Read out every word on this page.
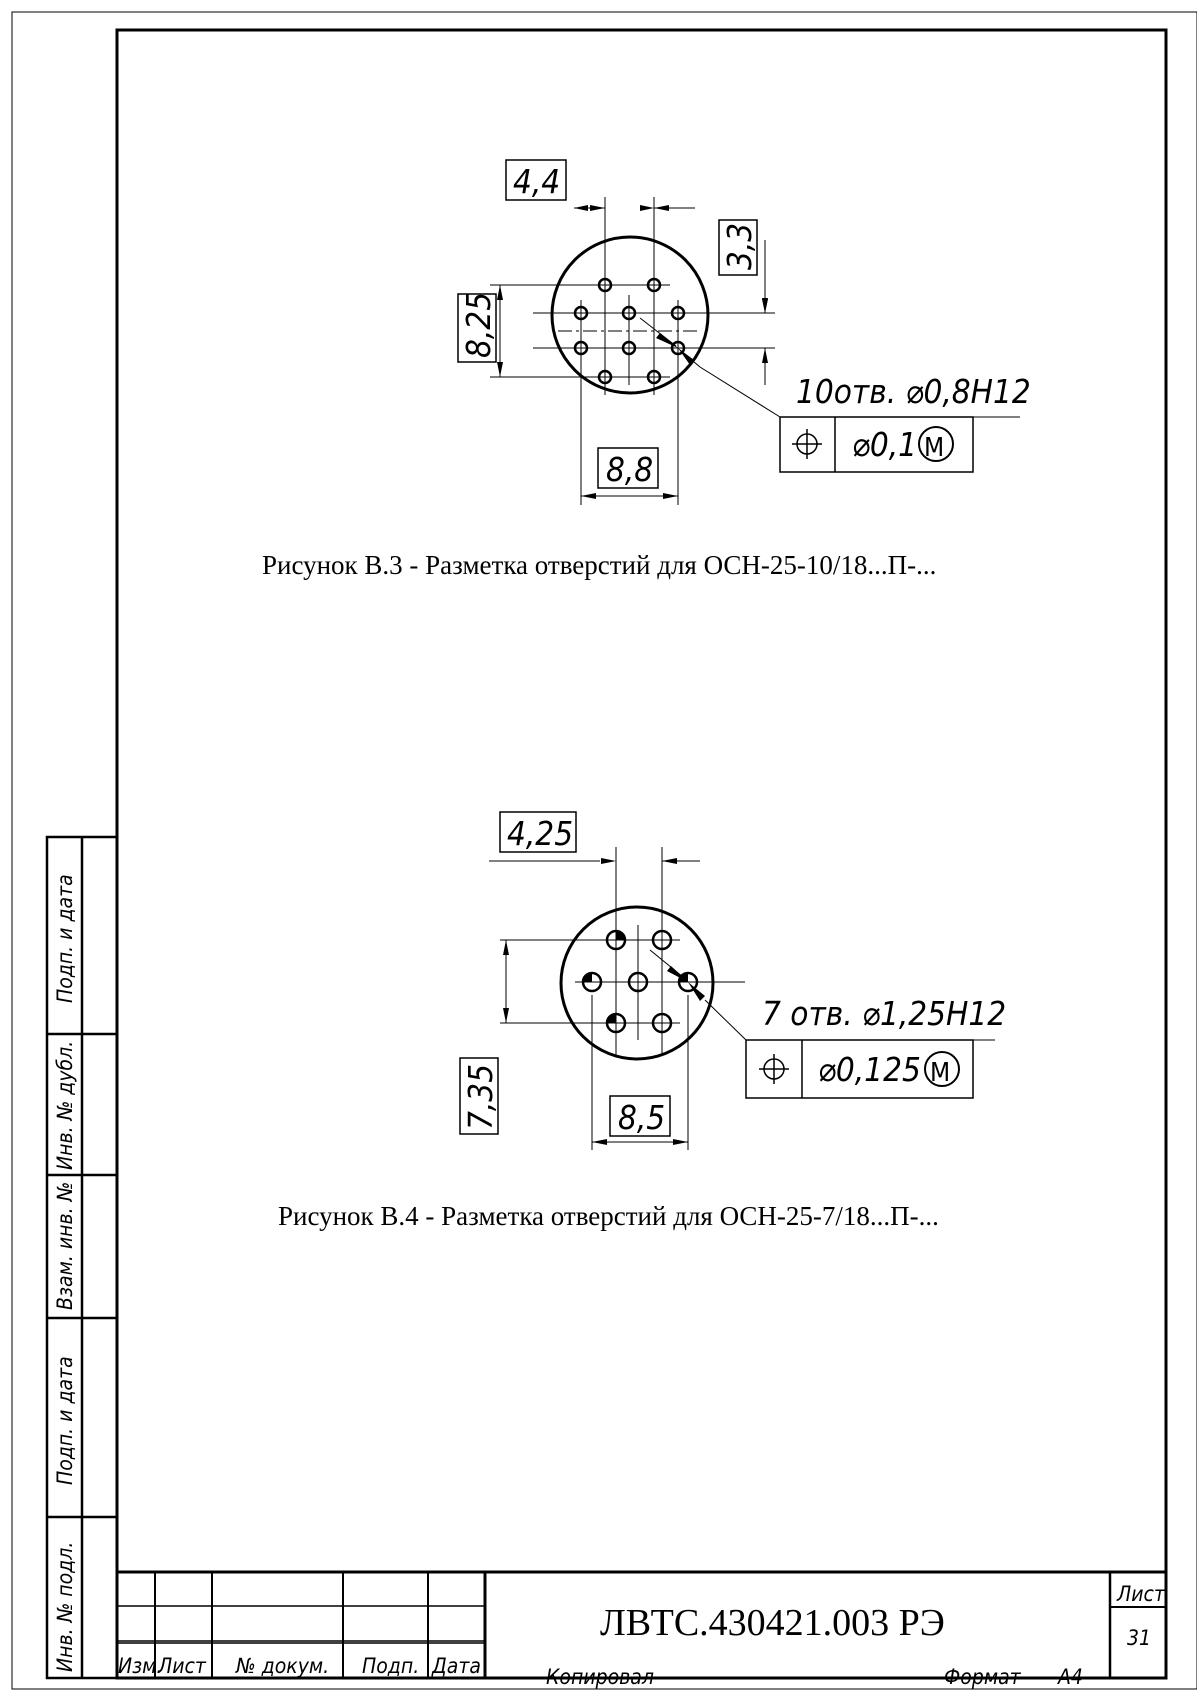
Инв. № подл.
Подп. и дата
Взам. инв. №
Инв. № дубл.
Подп. и дата
Изм.
Лист № докум. Подп. Дата
Лист
31
ЛВТС.430421.003 РЭ
Копировал	Формат А4
4,4
3,3
8,25
8,8
10отв. ⌀0,8H12
⌀0,1 M
Рисунок В.3 - Разметка отверстий для ОСН-25-10/18...П-...
4,25
7,35	8,5
7 отв. ⌀1,25H12
⌀0,125 M
Рисунок В.4 - Разметка отверстий для ОСН-25-7/18...П-...
